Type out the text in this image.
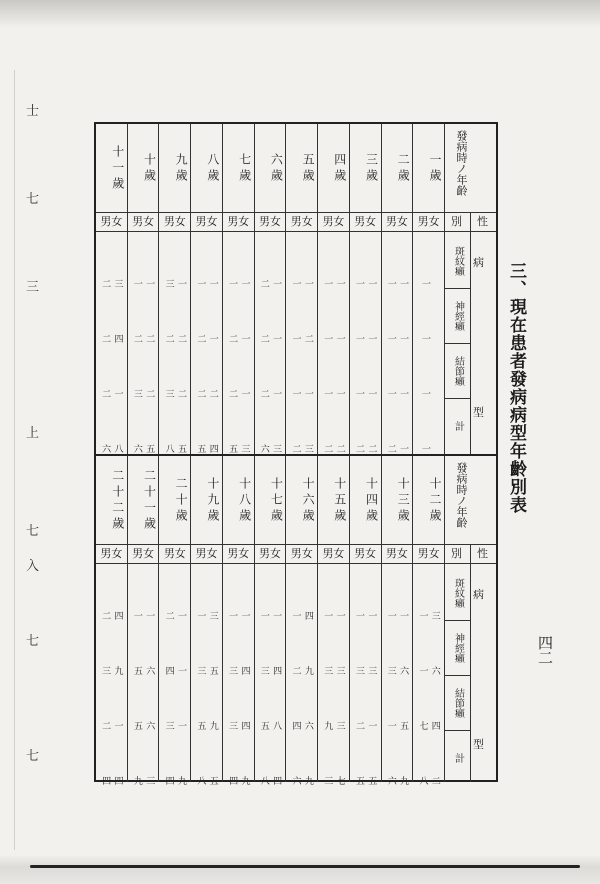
士
七
三
上
七
入
七
七
三、現在患者發病病型年齡別表
四二
一歲
男女
一
一
一
一
二歲
男女
一 一
一 一
一 一
二 一
三歲
男女
一 一
一 一
一 一
二 二
四歲
男女
一 一
一 一
一 一
二 二
五歲
男女
一 一
一 二
一 一
二 三
六歲
男女
二 一
二 一
二 一
六 三
七歲
男女
一 一
二 一
二 一
五 三
八歲
男女
一 一
二 一
二 二
五 四
九歲
男女
三 一
二 二
三 二
八 五
十歲
男女
一 一
二 二
三 二
六 五
十一歲
男女
二 三
二 四
二 一
六 八
發病時ノ年齡
性
別
斑紋癩
神經癩
結節癩
計
病
型
十二歲
男女
一 三
一 六
七 四
八 二
十三歲
男女
一 一
三 六
一 五
六 九
十四歲
男女
一 一
三 三
二 一
五 五
十五歲
男女
一 一
三 三
九 三
三 七
十六歲
男女
一 四
二 九
四 六
六 九
十七歲
男女
一 一
三 四
五 八
八 四
十八歲
男女
一 一
三 四
三 四
四 九
十九歲
男女
一 三
三 五
五 九
八 五
二十歲
男女
二 一
四 一
三 一
四 九
二十一歲
男女
一 一
五 六
五 六
九 三
二十二歲
男女
二 四
三 九
二 一
四 四
發病時ノ年齡
性
別
斑紋癩
神經癩
結節癩
計
病
型
